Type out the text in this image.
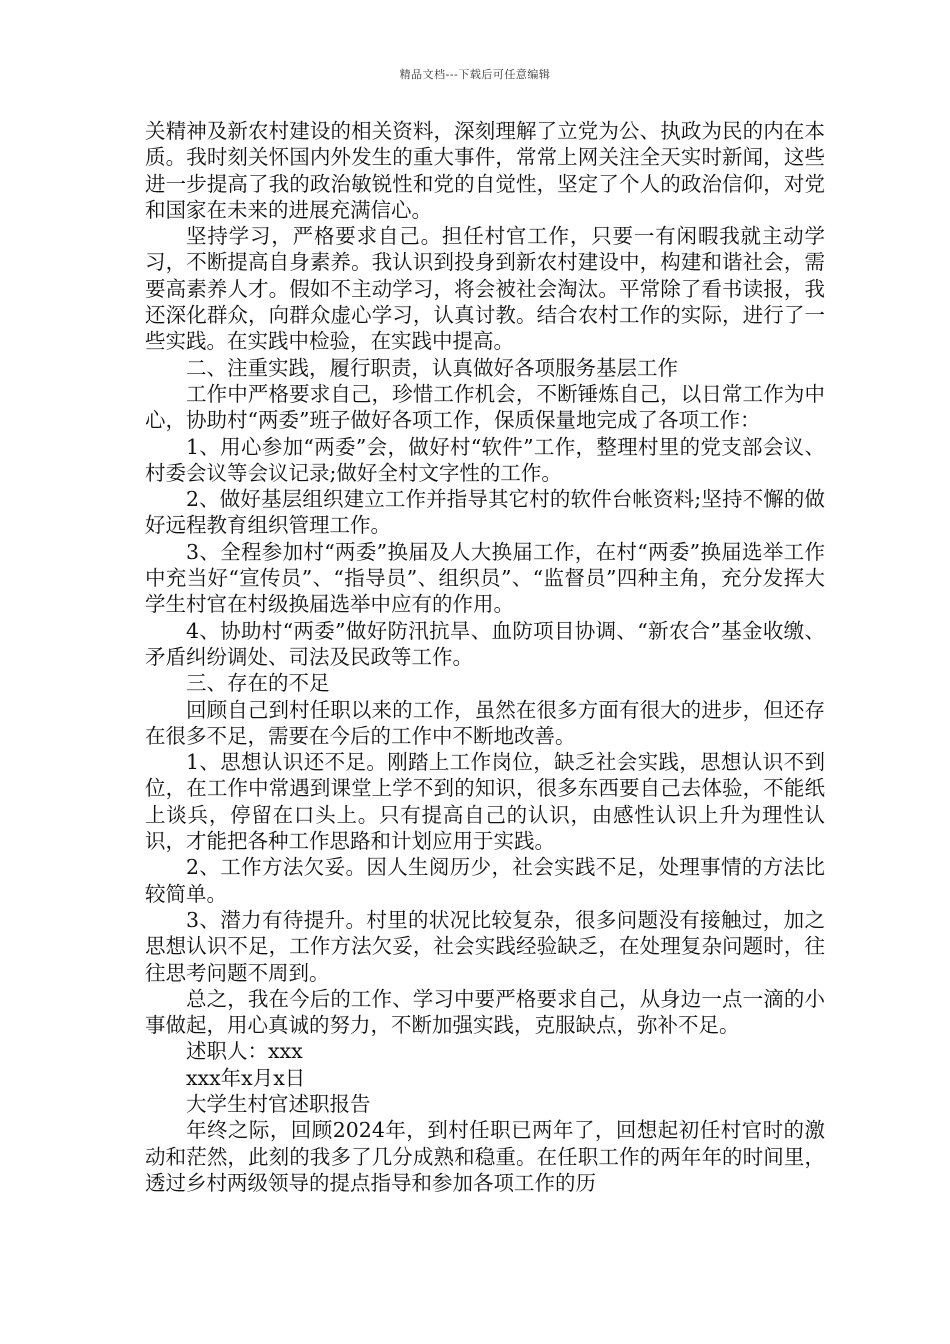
精品文档---下载后可任意编辑

关精神及新农村建设的相关资料，深刻理解了立党为公、执政为民的内在本质。我时刻关怀国内外发生的重大事件，常常上网关注全天实时新闻，这些进一步提高了我的政治敏锐性和党的自觉性，坚定了个人的政治信仰，对党和国家在未来的进展充满信心。

坚持学习，严格要求自己。担任村官工作，只要一有闲暇我就主动学习，不断提高自身素养。我认识到投身到新农村建设中，构建和谐社会，需要高素养人才。假如不主动学习，将会被社会淘汰。平常除了看书读报，我还深化群众，向群众虚心学习，认真讨教。结合农村工作的实际，进行了一些实践。在实践中检验，在实践中提高。

二、注重实践，履行职责，认真做好各项服务基层工作

工作中严格要求自己，珍惜工作机会，不断锤炼自己，以日常工作为中心，协助村“两委”班子做好各项工作，保质保量地完成了各项工作：

1、用心参加“两委”会，做好村“软件”工作，整理村里的党支部会议、村委会议等会议记录;做好全村文字性的工作。

2、做好基层组织建立工作并指导其它村的软件台帐资料;坚持不懈的做好远程教育组织管理工作。

3、全程参加村“两委”换届及人大换届工作，在村“两委”换届选举工作中充当好“宣传员”、“指导员”、组织员”、“监督员”四种主角，充分发挥大学生村官在村级换届选举中应有的作用。

4、协助村“两委”做好防汛抗旱、血防项目协调、“新农合”基金收缴、矛盾纠纷调处、司法及民政等工作。

三、存在的不足

回顾自己到村任职以来的工作，虽然在很多方面有很大的进步，但还存在很多不足，需要在今后的工作中不断地改善。

1、思想认识还不足。刚踏上工作岗位，缺乏社会实践，思想认识不到位，在工作中常遇到课堂上学不到的知识，很多东西要自己去体验，不能纸上谈兵，停留在口头上。只有提高自己的认识，由感性认识上升为理性认识，才能把各种工作思路和计划应用于实践。

2、工作方法欠妥。因人生阅历少，社会实践不足，处理事情的方法比较简单。

3、潜力有待提升。村里的状况比较复杂，很多问题没有接触过，加之思想认识不足，工作方法欠妥，社会实践经验缺乏，在处理复杂问题时，往往思考问题不周到。

总之，我在今后的工作、学习中要严格要求自己，从身边一点一滴的小事做起，用心真诚的努力，不断加强实践，克服缺点，弥补不足。

述职人：xxx

xxx年x月x日

大学生村官述职报告

年终之际，回顾2024年，到村任职已两年了，回想起初任村官时的激动和茫然，此刻的我多了几分成熟和稳重。在任职工作的两年年的时间里，透过乡村两级领导的提点指导和参加各项工作的历
